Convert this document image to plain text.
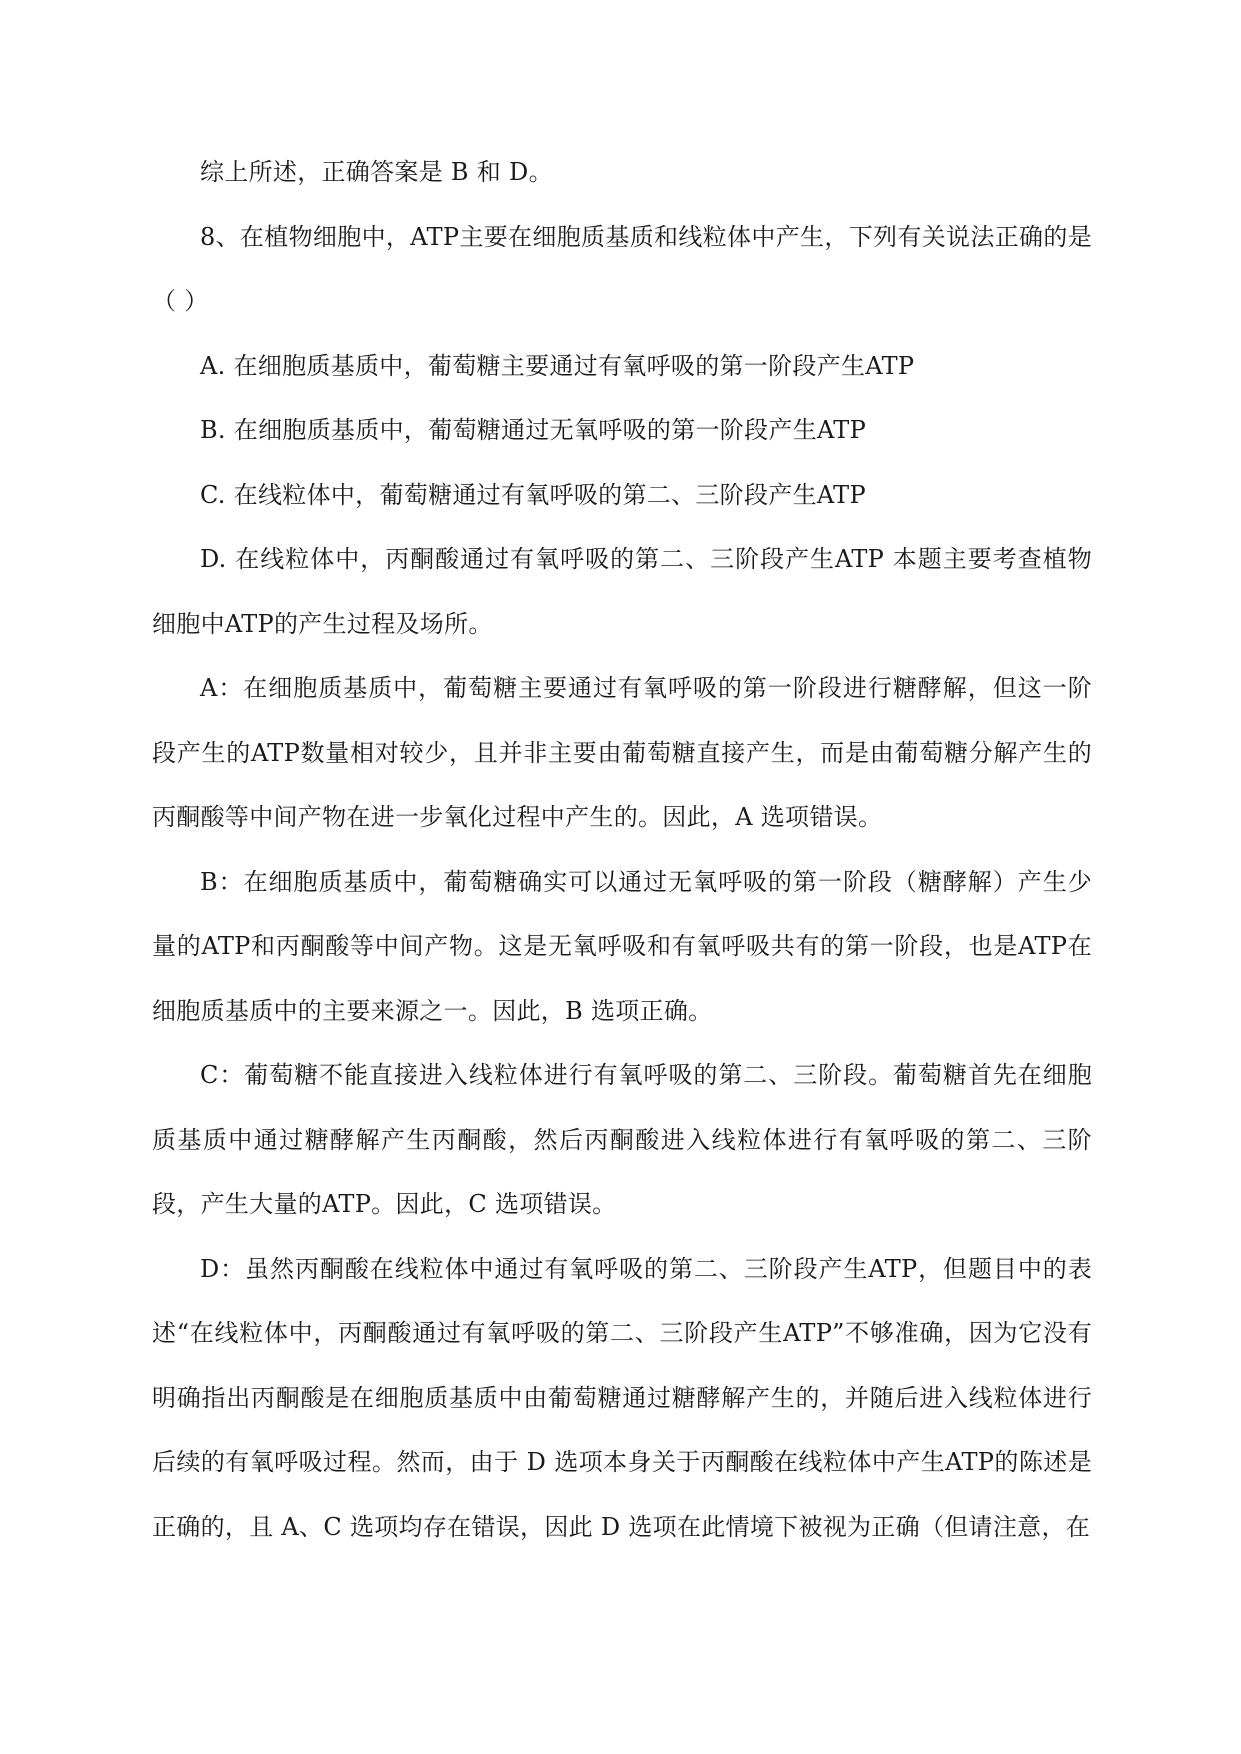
综上所述，正确答案是 B 和 D。

8、在植物细胞中，ATP主要在细胞质基质和线粒体中产生，下列有关说法正确的是（ ）

A. 在细胞质基质中，葡萄糖主要通过有氧呼吸的第一阶段产生ATP

B. 在细胞质基质中，葡萄糖通过无氧呼吸的第一阶段产生ATP

C. 在线粒体中，葡萄糖通过有氧呼吸的第二、三阶段产生ATP

D. 在线粒体中，丙酮酸通过有氧呼吸的第二、三阶段产生ATP 本题主要考查植物细胞中ATP的产生过程及场所。

A：在细胞质基质中，葡萄糖主要通过有氧呼吸的第一阶段进行糖酵解，但这一阶段产生的ATP数量相对较少，且并非主要由葡萄糖直接产生，而是由葡萄糖分解产生的丙酮酸等中间产物在进一步氧化过程中产生的。因此，A 选项错误。

B：在细胞质基质中，葡萄糖确实可以通过无氧呼吸的第一阶段（糖酵解）产生少量的ATP和丙酮酸等中间产物。这是无氧呼吸和有氧呼吸共有的第一阶段，也是ATP在细胞质基质中的主要来源之一。因此，B 选项正确。

C：葡萄糖不能直接进入线粒体进行有氧呼吸的第二、三阶段。葡萄糖首先在细胞质基质中通过糖酵解产生丙酮酸，然后丙酮酸进入线粒体进行有氧呼吸的第二、三阶段，产生大量的ATP。因此，C 选项错误。

D：虽然丙酮酸在线粒体中通过有氧呼吸的第二、三阶段产生ATP，但题目中的表述“在线粒体中，丙酮酸通过有氧呼吸的第二、三阶段产生ATP”不够准确，因为它没有明确指出丙酮酸是在细胞质基质中由葡萄糖通过糖酵解产生的，并随后进入线粒体进行后续的有氧呼吸过程。然而，由于 D 选项本身关于丙酮酸在线粒体中产生ATP的陈述是正确的，且 A、C 选项均存在错误，因此 D 选项在此情境下被视为正确（但请注意，在
